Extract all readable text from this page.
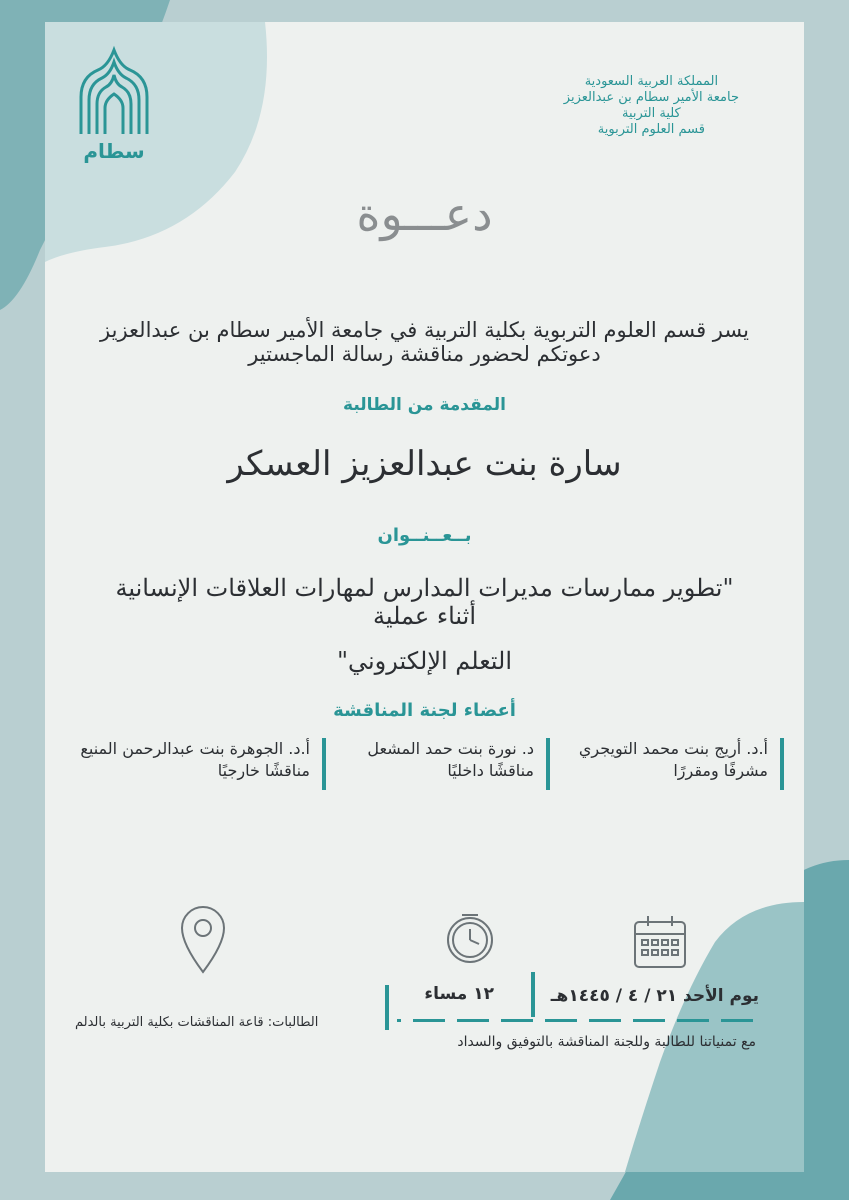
سطام
المملكة العربية السعودية
جامعة الأمير سطام بن عبدالعزيز
كلية التربية
قسم العلوم التربوية
دعـــوة
يسر قسم العلوم التربوية بكلية التربية في جامعة الأمير سطام بن عبدالعزيز
دعوتكم لحضور مناقشة رسالة الماجستير
المقدمة من الطالبة
سارة بنت عبدالعزيز العسكر
بــعــنــوان
"تطوير ممارسات مديرات المدارس لمهارات العلاقات الإنسانية أثناء عملية
التعلم الإلكتروني"
أعضاء لجنة المناقشة
أ.د. أريج بنت محمد التويجري
مشرفًا ومقررًا
د. نورة بنت حمد المشعل
مناقشًا داخليًا
أ.د. الجوهرة بنت عبدالرحمن المنيع
مناقشًا خارجيًا
يوم الأحد ٢١ / ٤ / ١٤٤٥هـ
١٢ مساء
الطالبات: قاعة المناقشات بكلية التربية بالدلم
مع تمنياتنا للطالبة وللجنة المناقشة بالتوفيق والسداد
